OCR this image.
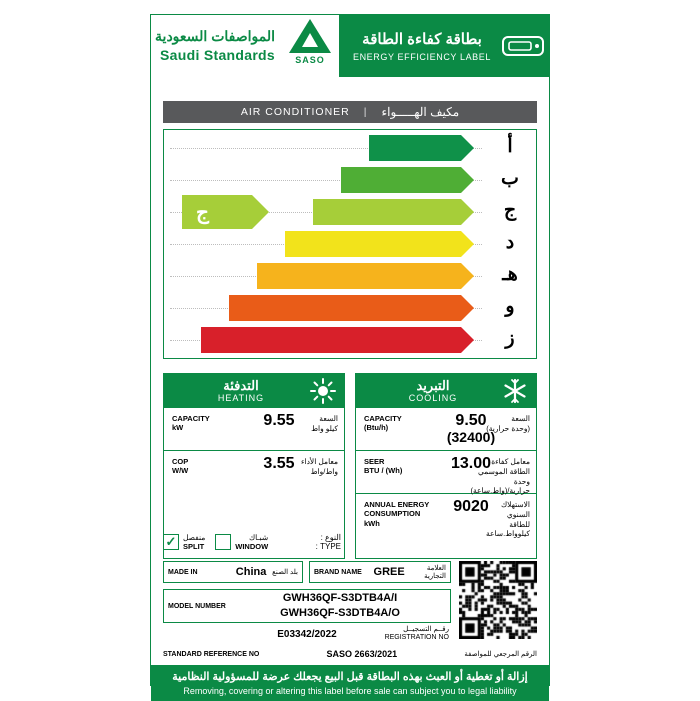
المواصفات السعودية
Saudi Standards SASO
بطاقة كفاءة الطاقة
ENERGY EFFICIENCY LABEL
AIR CONDITIONER | مكيف الهـــــواء
أ
ب
ج
د
هـ
و
ز
ج
التدفئة
HEATING
CAPACITY
kW	9.55	السعة
كيلو واط
COP
W/W	3.55 معامل الأداء
واط/واط
التبريد
COOLING
CAPACITY
(Btu/h)	9.50
(32400)
السعة
(وحدة حرارية)
SEER
BTU / (Wh)	13.00 معامل كفاءة الطاقة الموسمي
وحدة حرارية/(واط.ساعة)
ANNUAL ENERGY
CONSUMPTION
kWh
9020	الاستهلاك السنوي
للطاقة
كيلوواط.ساعة
✓ منفصل
SPLIT
شبـاك
WINDOW
النوع :
TYPE :
MADE IN	China بلد الصنع	BRAND NAME	GREE	العلامة التجارية
MODEL NUMBER
GWH36QF-S3DTB4A/I
GWH36QF-S3DTB4A/O
E03342/2022	رقــم التسجيــل
REGISTRATION NO
STANDARD REFERENCE NO	SASO 2663/2021	الرقم المرجعي للمواصفة
إزالة أو تغطية أو العبث بهذه البطاقة قبل البيع يجعلك عرضة للمسؤولية النظامية
Removing, covering or altering this label before sale can subject you to legal liability
